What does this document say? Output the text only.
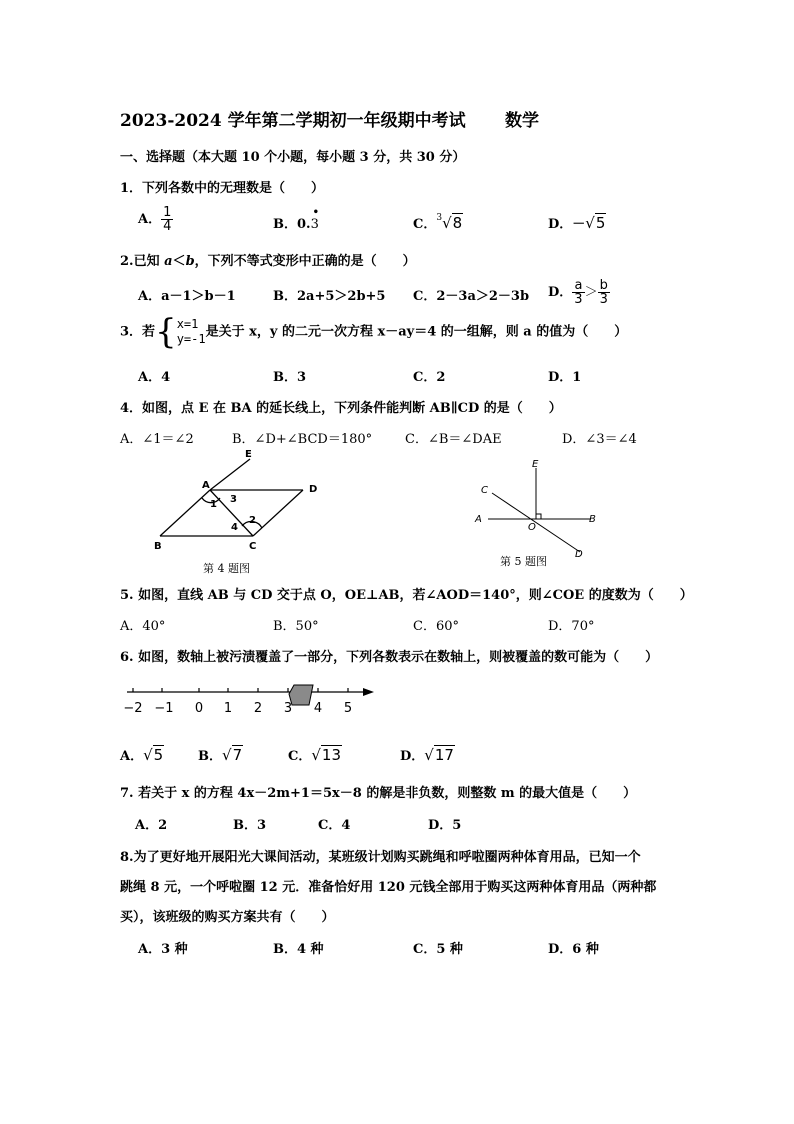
2023-2024 学年第二学期初一年级期中考试 数学
一、选择题（本大题 10 个小题，每小题 3 分，共 30 分）
1．下列各数中的无理数是（　　）
A． $\frac{1}{4}$	B．0.
•
3	C．$^3$√8	D．－√5
2.已知 a＜b，下列不等式变形中正确的是（　　）
A．a－1＞b－1	B．2a+5＞2b+5 C．2－3a＞2－3b D． $\frac{a}{3} > \frac{b}{3}$
3．若{ x=1
y=-1 是关于 x，y 的二元一次方程 x－ay＝4 的一组解，则 a 的值为（　　）
A．4	B．3	C．2	D．1
4．如图，点 E 在 BA 的延长线上，下列条件能判断 AB∥CD 的是（　　）
A．∠1＝∠2	B．∠D+∠BCD＝180°	C．∠B＝∠DAE	D．∠3＝∠4
E
A	D
B	C
1 3
4
2
第 4 题图
E
C
A
O
B
D
第 5 题图
5. 如图，直线 AB 与 CD 交于点 O，OE⊥AB，若∠AOD＝140°，则∠COE 的度数为（　　）
A．40°	B．50°	C．60°	D．70°
6. 如图，数轴上被污渍覆盖了一部分，下列各数表示在数轴上，则被覆盖的数可能为（　　）
−2 −1 0 1 2 3 4 5
A．√5	B．√7	C．√13	D．√17
7. 若关于 x 的方程 4x－2m+1＝5x－8 的解是非负数，则整数 m 的最大值是（　　）
A．2	B．3	C．4	D．5
8.为了更好地开展阳光大课间活动，某班级计划购买跳绳和呼啦圈两种体育用品，已知一个
跳绳 8 元，一个呼啦圈 12 元．准备恰好用 120 元钱全部用于购买这两种体育用品（两种都
买），该班级的购买方案共有（　　）
A．3 种	B．4 种	C．5 种	D．6 种
